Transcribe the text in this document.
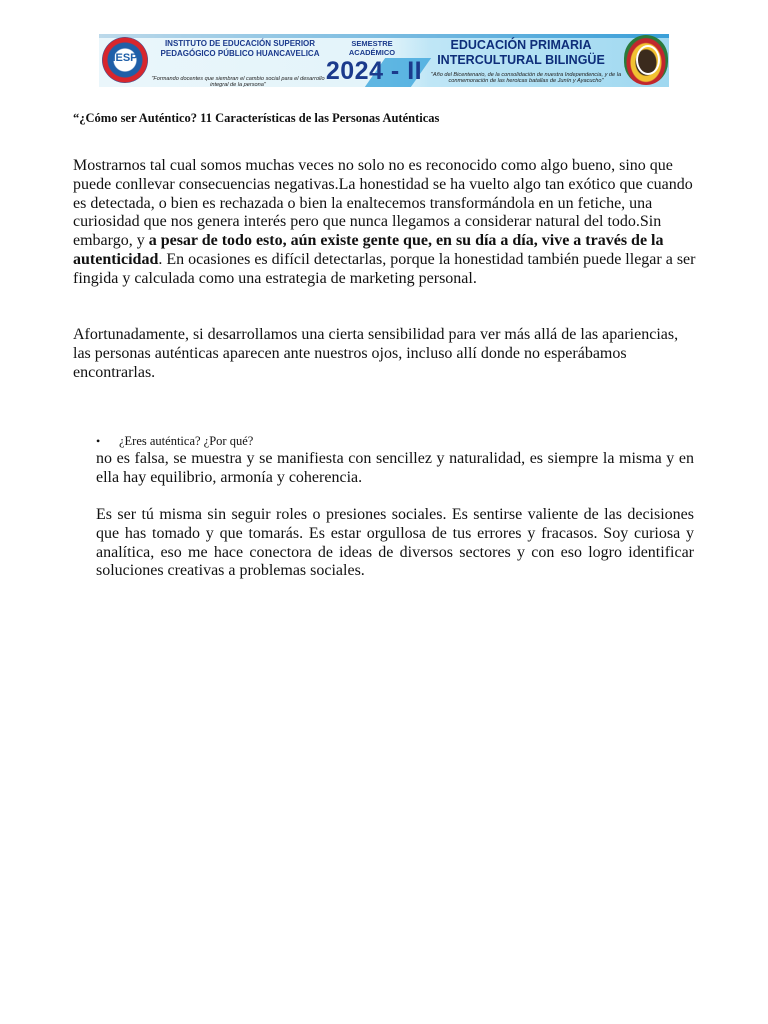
IESP
INSTITUTO DE EDUCACIÓN SUPERIOR PEDAGÓGICO PÚBLICO HUANCAVELICA
"Formando docentes que siembran el cambio social para el desarrollo integral de la persona"
SEMESTRE ACADÉMICO
2024 - II
EDUCACIÓN PRIMARIA INTERCULTURAL BILINGÜE
"Año del Bicentenario, de la consolidación de nuestra Independencia, y de la conmemoración de las heroicas batallas de Junín y Ayacucho"
“¿Cómo ser Auténtico? 11 Características de las Personas Auténticas

Mostrarnos tal cual somos muchas veces no solo no es reconocido como algo bueno, sino que puede conllevar consecuencias negativas.La honestidad se ha vuelto algo tan exótico que cuando es detectada, o bien es rechazada o bien la enaltecemos transformándola en un fetiche, una curiosidad que nos genera interés pero que nunca llegamos a considerar natural del todo.Sin embargo, y a pesar de todo esto, aún existe gente que, en su día a día, vive a través de la autenticidad. En ocasiones es difícil detectarlas, porque la honestidad también puede llegar a ser fingida y calculada como una estrategia de marketing personal.

Afortunadamente, si desarrollamos una cierta sensibilidad para ver más allá de las apariencias, las personas auténticas aparecen ante nuestros ojos, incluso allí donde no esperábamos encontrarlas.

• ¿Eres auténtica? ¿Por qué?

no es falsa, se muestra y se manifiesta con sencillez y naturalidad, es siempre la misma y en ella hay equilibrio, armonía y coherencia.

Es ser tú misma sin seguir roles o presiones sociales. Es sentirse valiente de las decisiones que has tomado y que tomarás. Es estar orgullosa de tus errores y fracasos. Soy curiosa y analítica, eso me hace conectora de ideas de diversos sectores y con eso logro identificar soluciones creativas a problemas sociales.
